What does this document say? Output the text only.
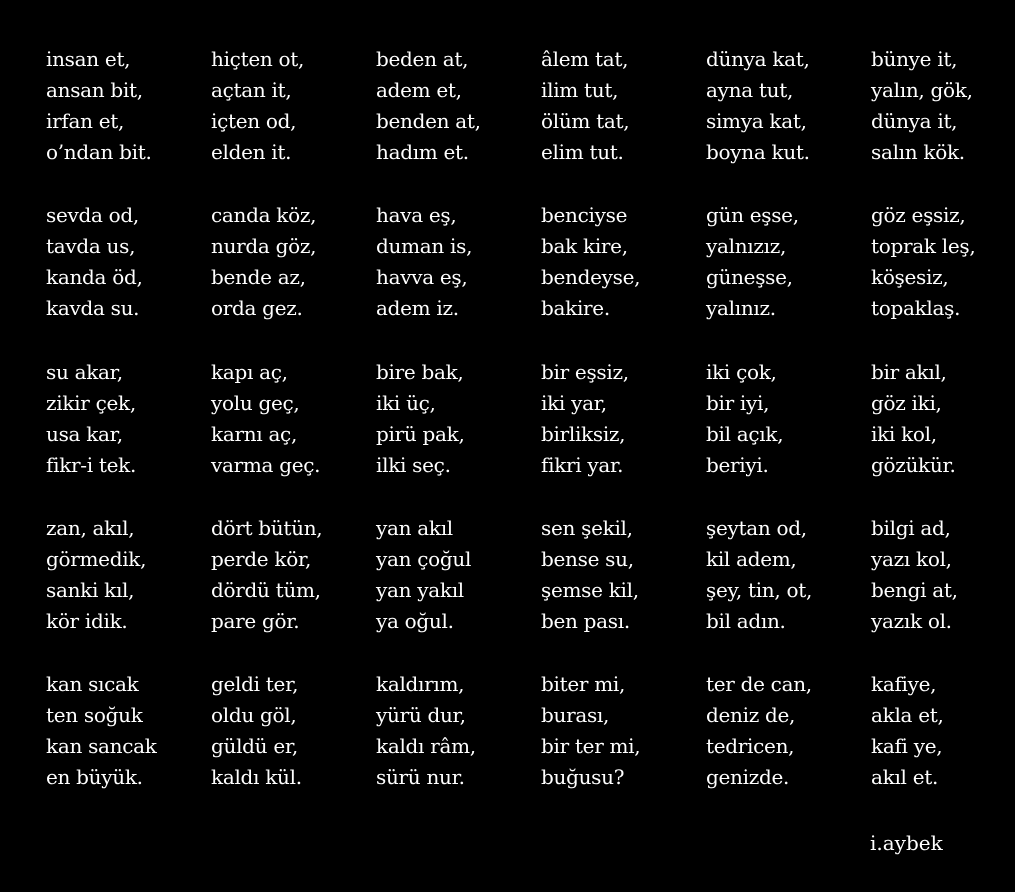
insan et,
ansan bit,
irfan et,
o’ndan bit.
sevda od,
tavda us,
kanda öd,
kavda su.
su akar,
zikir çek,
usa kar,
fikr-i tek.
zan, akıl,
görmedik,
sanki kıl,
kör idik.
kan sıcak
ten soğuk
kan sancak
en büyük.
hiçten ot,
açtan it,
içten od,
elden it.
canda köz,
nurda göz,
bende az,
orda gez.
kapı aç,
yolu geç,
karnı aç,
varma geç.
dört bütün,
perde kör,
dördü tüm,
pare gör.
geldi ter,
oldu göl,
güldü er,
kaldı kül.
beden at,
adem et,
benden at,
hadım et.
hava eş,
duman is,
havva eş,
adem iz.
bire bak,
iki üç,
pirü pak,
ilki seç.
yan akıl
yan çoğul
yan yakıl
ya oğul.
kaldırım,
yürü dur,
kaldı râm,
sürü nur.
âlem tat,
ilim tut,
ölüm tat,
elim tut.
benciyse
bak kire,
bendeyse,
bakire.
bir eşsiz,
iki yar,
birliksiz,
fikri yar.
sen şekil,
bense su,
şemse kil,
ben pası.
biter mi,
burası,
bir ter mi,
buğusu?
dünya kat,
ayna tut,
simya kat,
boyna kut.
gün eşse,
yalnızız,
güneşse,
yalınız.
iki çok,
bir iyi,
bil açık,
beriyi.
şeytan od,
kil adem,
şey, tin, ot,
bil adın.
ter de can,
deniz de,
tedricen,
genizde.
bünye it,
yalın, gök,
dünya it,
salın kök.
göz eşsiz,
toprak leş,
köşesiz,
topaklaş.
bir akıl,
göz iki,
iki kol,
gözükür.
bilgi ad,
yazı kol,
bengi at,
yazık ol.
kafiye,
akla et,
kafi ye,
akıl et.
i.aybek
